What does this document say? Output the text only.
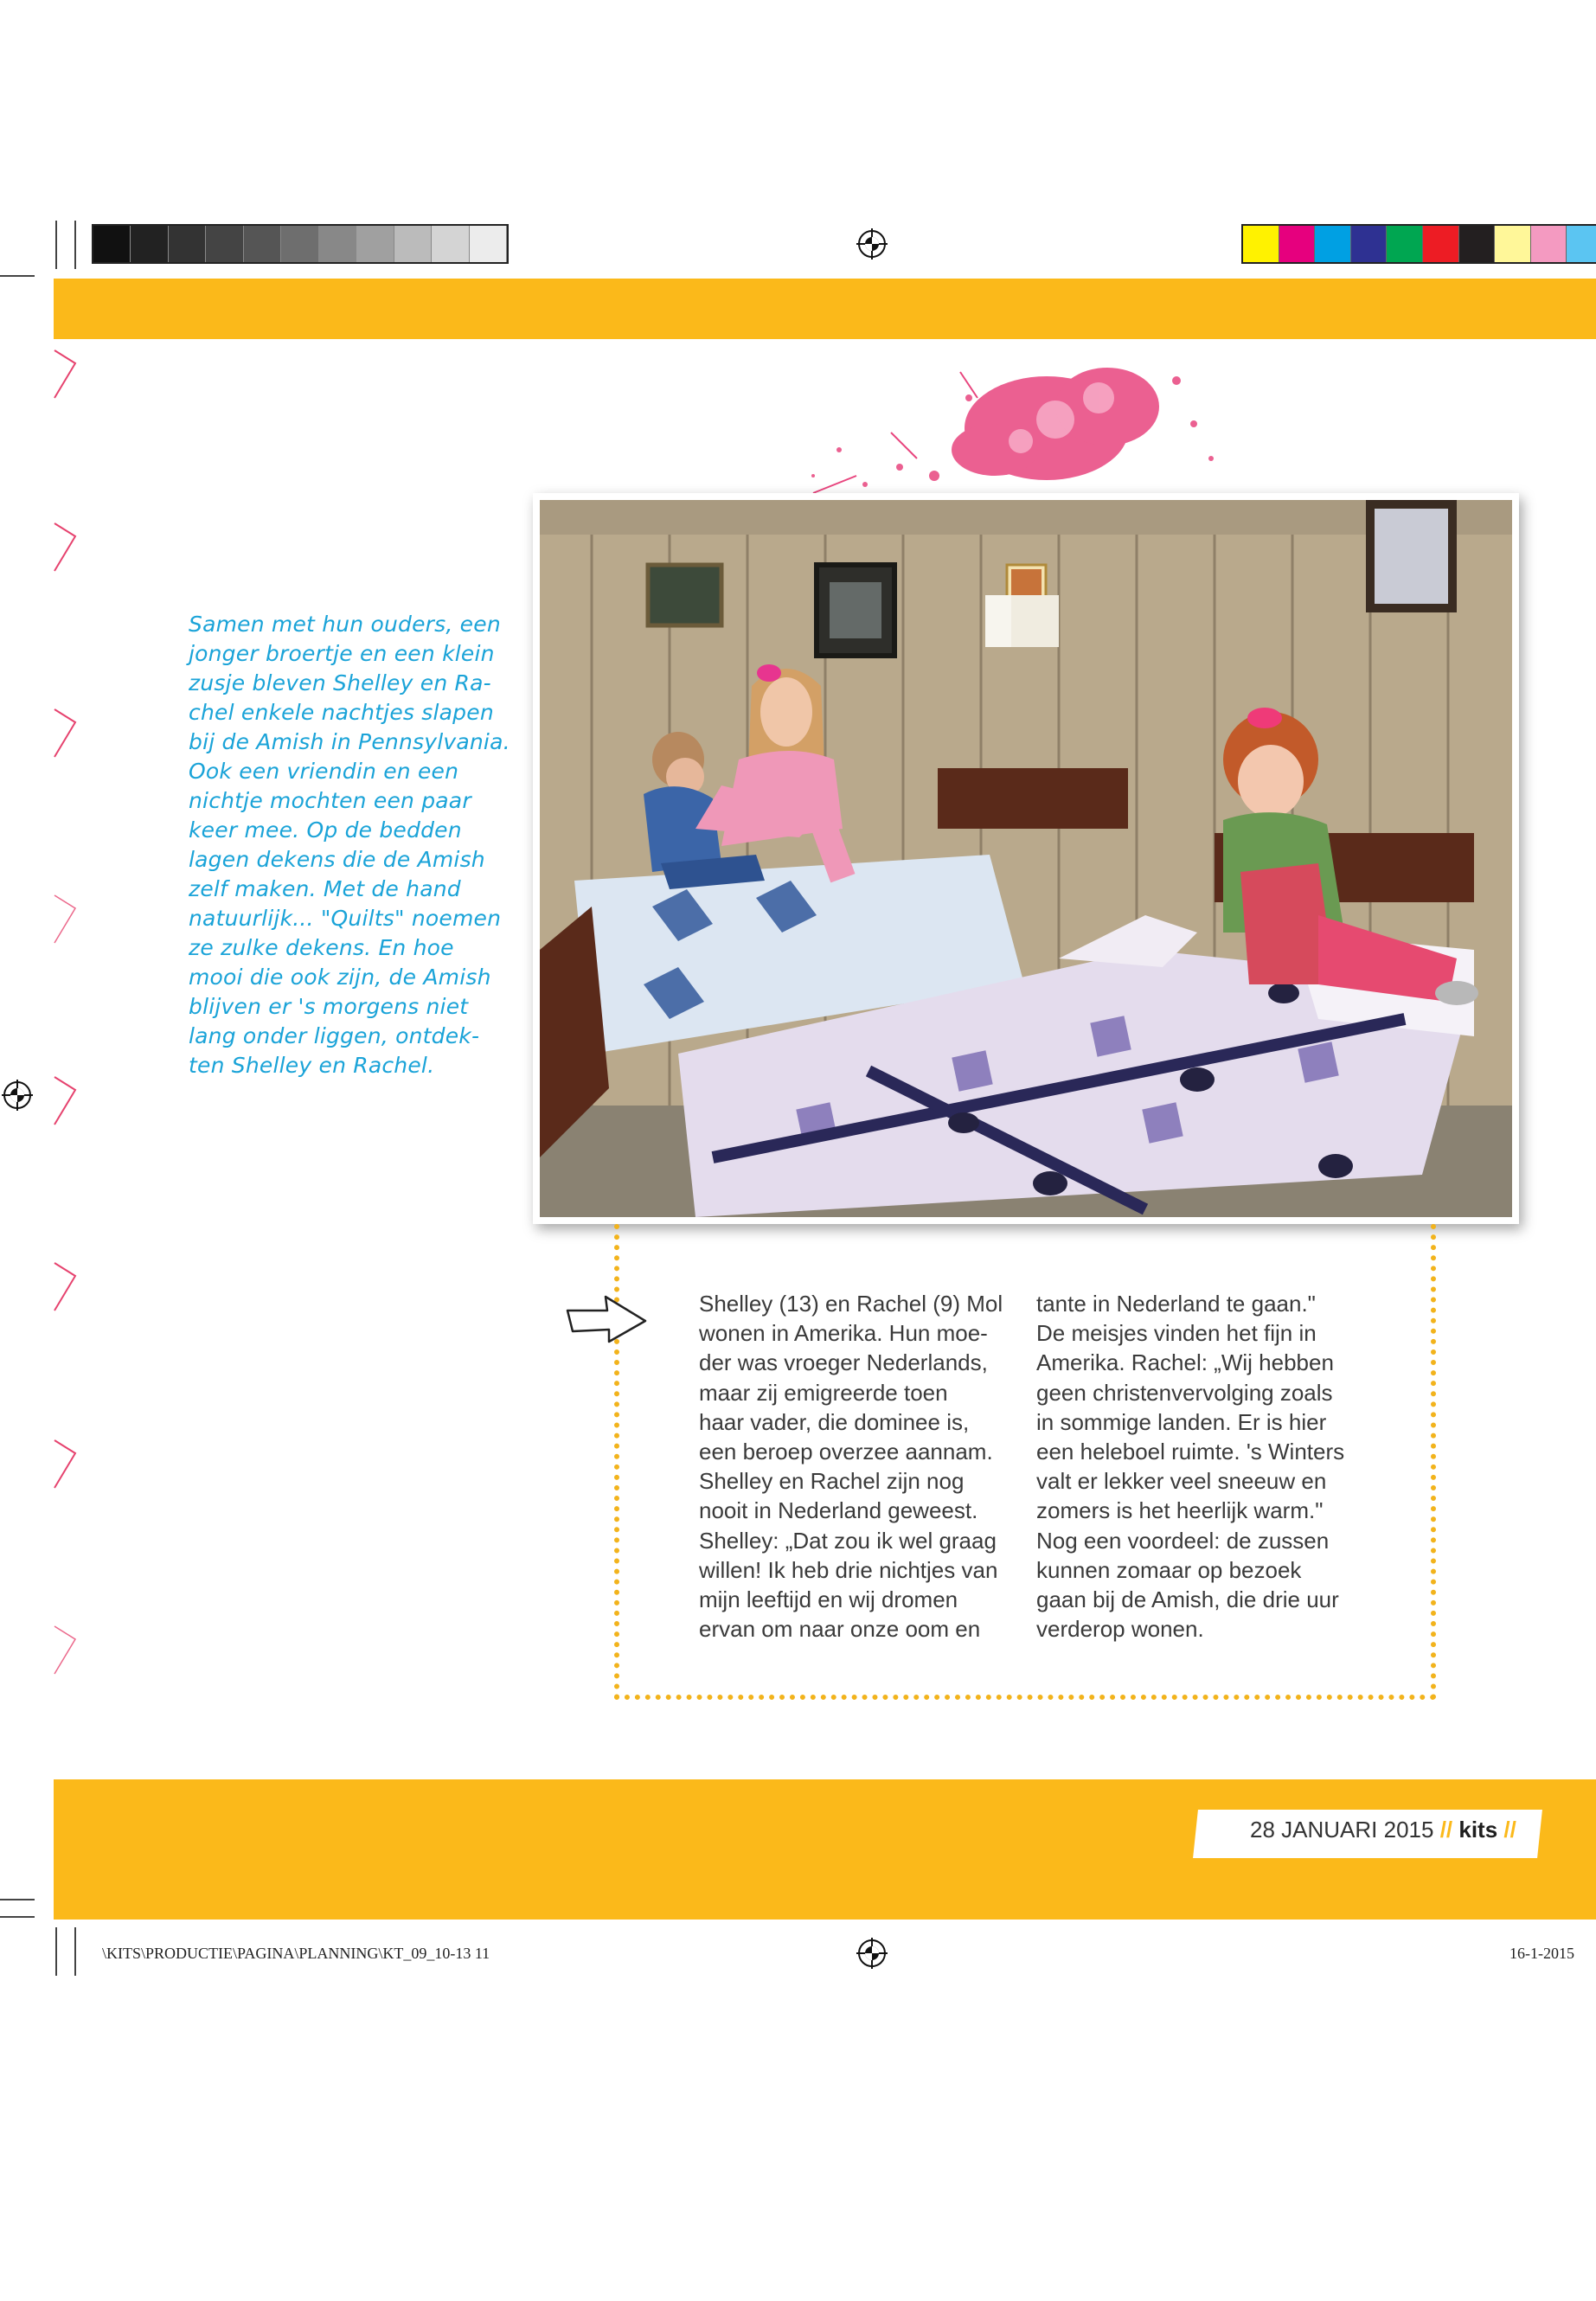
Samen met hun ouders, een
jonger broertje en een klein
zusje bleven Shelley en Ra-
chel enkele nachtjes slapen
bij de Amish in Pennsylvania.
Ook een vriendin en een
nichtje mochten een paar
keer mee. Op de bedden
lagen dekens die de Amish
zelf maken. Met de hand
natuurlijk... "Quilts" noemen
ze zulke dekens. En hoe
mooi die ook zijn, de Amish
blijven er 's morgens niet
lang onder liggen, ontdek-
ten Shelley en Rachel.
Shelley (13) en Rachel (9) Mol
wonen in Amerika. Hun moe-
der was vroeger Nederlands,
maar zij emigreerde toen
haar vader, die dominee is,
een beroep overzee aannam.
Shelley en Rachel zijn nog
nooit in Nederland geweest.
Shelley: „Dat zou ik wel graag
willen! Ik heb drie nichtjes van
mijn leeftijd en wij dromen
ervan om naar onze oom en
tante in Nederland te gaan."
De meisjes vinden het fijn in
Amerika. Rachel: „Wij hebben
geen christenvervolging zoals
in sommige landen. Er is hier
een heleboel ruimte. 's Winters
valt er lekker veel sneeuw en
zomers is het heerlijk warm."
Nog een voordeel: de zussen
kunnen zomaar op bezoek
gaan bij de Amish, die drie uur
verderop wonen.
28 JANUARI 2015 // kits //
\KITS\PRODUCTIE\PAGINA\PLANNING\KT_09_10-13 11	16-1-2015
